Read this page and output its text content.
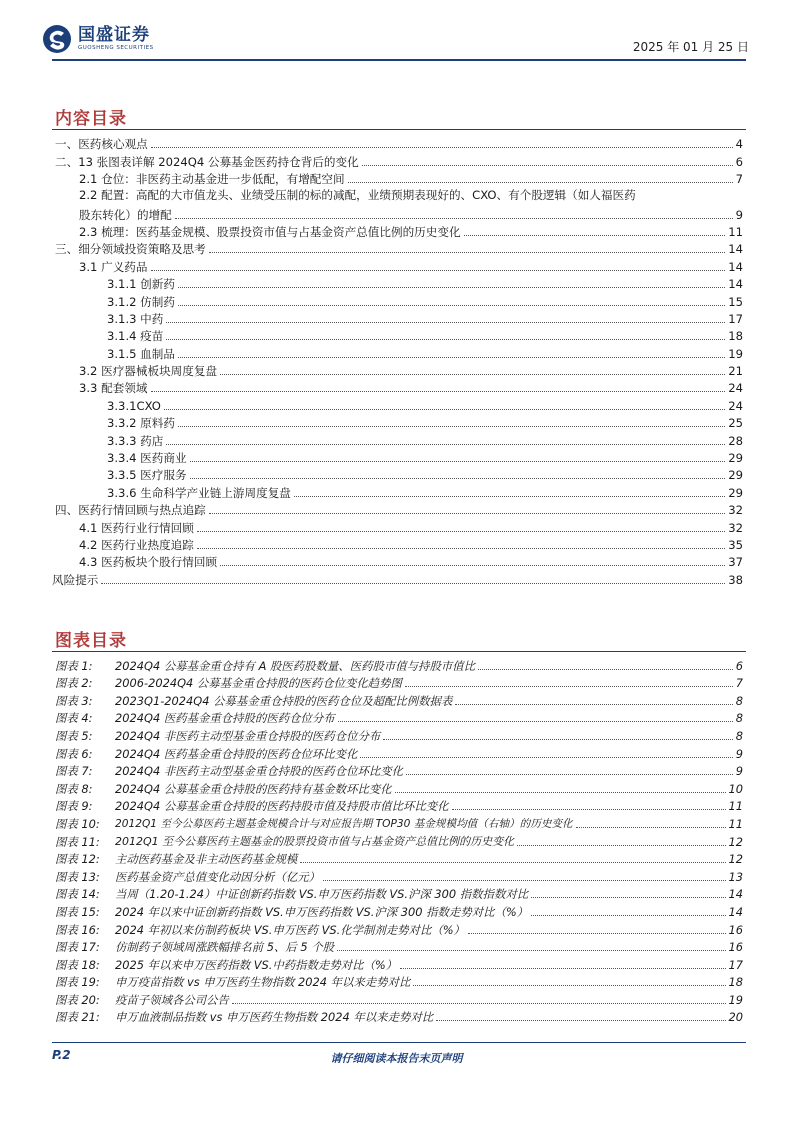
国盛证券
GUOSHENG SECURITIES	2025 年 01 月 25 日
内容目录
一、医药核心观点	4
二、13 张图表详解 2024Q4 公募基金医药持仓背后的变化	6
2.1 仓位：非医药主动基金进一步低配，有增配空间	7
2.2 配置：高配的大市值龙头、业绩受压制的标的减配，业绩预期表现好的、CXO、有个股逻辑（如人福医药
股东转化）的增配	9
2.3 梳理：医药基金规模、股票投资市值与占基金资产总值比例的历史变化	11
三、细分领域投资策略及思考	14
3.1 广义药品	14
3.1.1 创新药	14
3.1.2 仿制药	15
3.1.3 中药	17
3.1.4 疫苗	18
3.1.5 血制品	19
3.2 医疗器械板块周度复盘	21
3.3 配套领域	24
3.3.1CXO	24
3.3.2 原料药	25
3.3.3 药店	28
3.3.4 医药商业	29
3.3.5 医疗服务	29
3.3.6 生命科学产业链上游周度复盘	29
四、医药行情回顾与热点追踪	32
4.1 医药行业行情回顾	32
4.2 医药行业热度追踪	35
4.3 医药板块个股行情回顾	37
风险提示	38
图表目录
图表 1:	2024Q4 公募基金重仓持有 A 股医药股数量、医药股市值与持股市值比	6
图表 2:	2006-2024Q4 公募基金重仓持股的医药仓位变化趋势图	7
图表 3:	2023Q1-2024Q4 公募基金重仓持股的医药仓位及超配比例数据表	8
图表 4:	2024Q4 医药基金重仓持股的医药仓位分布	8
图表 5:	2024Q4 非医药主动型基金重仓持股的医药仓位分布	8
图表 6:	2024Q4 医药基金重仓持股的医药仓位环比变化	9
图表 7:	2024Q4 非医药主动型基金重仓持股的医药仓位环比变化	9
图表 8:	2024Q4 公募基金重仓持股的医药持有基金数环比变化	10
图表 9:	2024Q4 公募基金重仓持股的医药持股市值及持股市值比环比变化	11
图表 10:	2012Q1 至今公募医药主题基金规模合计与对应报告期 TOP30 基金规模均值（右轴）的历史变化	11
图表 11:	2012Q1 至今公募医药主题基金的股票投资市值与占基金资产总值比例的历史变化	12
图表 12:	主动医药基金及非主动医药基金规模	12
图表 13:	医药基金资产总值变化动因分析（亿元）	13
图表 14:	当周（1.20-1.24）中证创新药指数 VS.申万医药指数 VS.沪深 300 指数指数对比	14
图表 15:	2024 年以来中证创新药指数 VS.申万医药指数 VS.沪深 300 指数走势对比（%）	14
图表 16:	2024 年初以来仿制药板块 VS.申万医药 VS.化学制剂走势对比（%）	16
图表 17:	仿制药子领域周涨跌幅排名前 5、后 5 个股	16
图表 18:	2025 年以来申万医药指数 VS.中药指数走势对比（%）	17
图表 19:	申万疫苗指数 vs 申万医药生物指数 2024 年以来走势对比	18
图表 20:	疫苗子领域各公司公告	19
图表 21:	申万血液制品指数 vs 申万医药生物指数 2024 年以来走势对比	20
P.2	请仔细阅读本报告末页声明
